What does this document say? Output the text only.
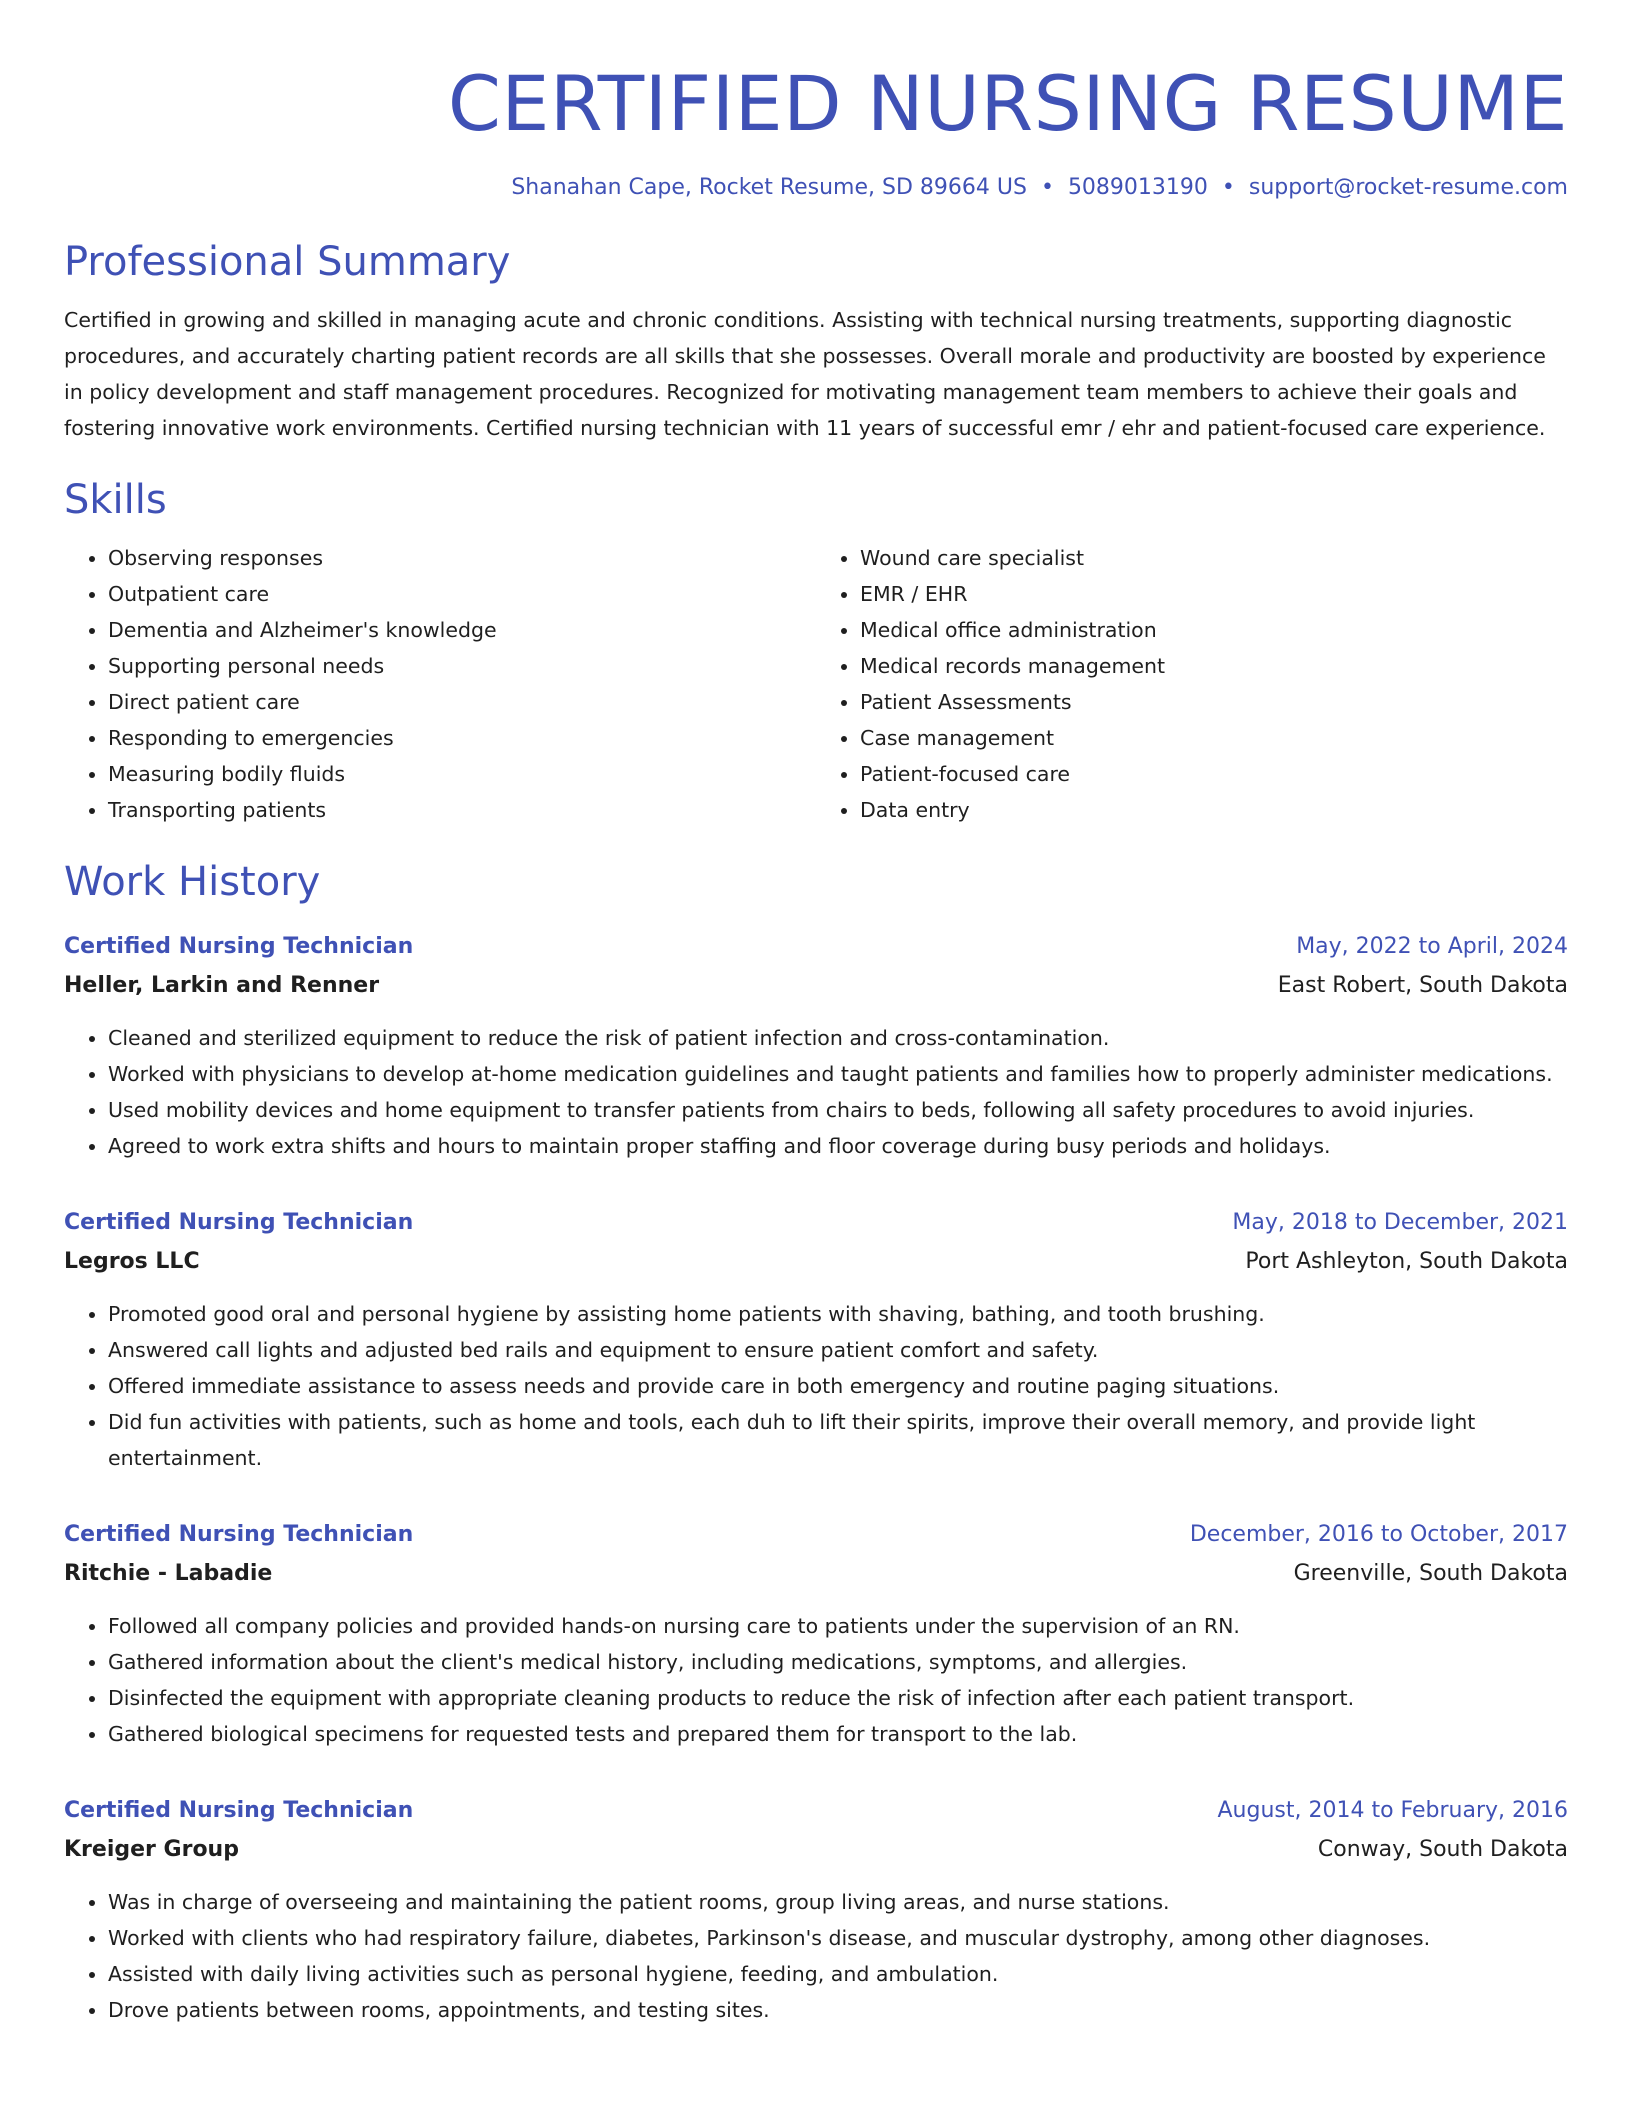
CERTIFIED NURSING RESUME
Shanahan Cape, Rocket Resume, SD 89664 US • 5089013190 • support@rocket-resume.com
Professional Summary

Certified in growing and skilled in managing acute and chronic conditions. Assisting with technical nursing treatments, supporting diagnostic procedures, and accurately charting patient records are all skills that she possesses. Overall morale and productivity are boosted by experience in policy development and staff management procedures. Recognized for motivating management team members to achieve their goals and fostering innovative work environments. Certified nursing technician with 11 years of successful emr / ehr and patient-focused care experience.

Skills
• Observing responses
• Outpatient care
• Dementia and Alzheimer's knowledge
• Supporting personal needs
• Direct patient care
• Responding to emergencies
• Measuring bodily fluids
• Transporting patients
• Wound care specialist
• EMR / EHR
• Medical office administration
• Medical records management
• Patient Assessments
• Case management
• Patient-focused care
• Data entry
Work History
Certified Nursing Technician	May, 2022 to April, 2024
Heller, Larkin and Renner	East Robert, South Dakota
• Cleaned and sterilized equipment to reduce the risk of patient infection and cross-contamination.
• Worked with physicians to develop at-home medication guidelines and taught patients and families how to properly administer medications.
• Used mobility devices and home equipment to transfer patients from chairs to beds, following all safety procedures to avoid injuries.
• Agreed to work extra shifts and hours to maintain proper staffing and floor coverage during busy periods and holidays.
Certified Nursing Technician	May, 2018 to December, 2021
Legros LLC	Port Ashleyton, South Dakota
• Promoted good oral and personal hygiene by assisting home patients with shaving, bathing, and tooth brushing.
• Answered call lights and adjusted bed rails and equipment to ensure patient comfort and safety.
• Offered immediate assistance to assess needs and provide care in both emergency and routine paging situations.
• Did fun activities with patients, such as home and tools, each duh to lift their spirits, improve their overall memory, and provide light entertainment.
Certified Nursing Technician	December, 2016 to October, 2017
Ritchie - Labadie	Greenville, South Dakota
• Followed all company policies and provided hands-on nursing care to patients under the supervision of an RN.
• Gathered information about the client's medical history, including medications, symptoms, and allergies.
• Disinfected the equipment with appropriate cleaning products to reduce the risk of infection after each patient transport.
• Gathered biological specimens for requested tests and prepared them for transport to the lab.
Certified Nursing Technician	August, 2014 to February, 2016
Kreiger Group	Conway, South Dakota
• Was in charge of overseeing and maintaining the patient rooms, group living areas, and nurse stations.
• Worked with clients who had respiratory failure, diabetes, Parkinson's disease, and muscular dystrophy, among other diagnoses.
• Assisted with daily living activities such as personal hygiene, feeding, and ambulation.
• Drove patients between rooms, appointments, and testing sites.
